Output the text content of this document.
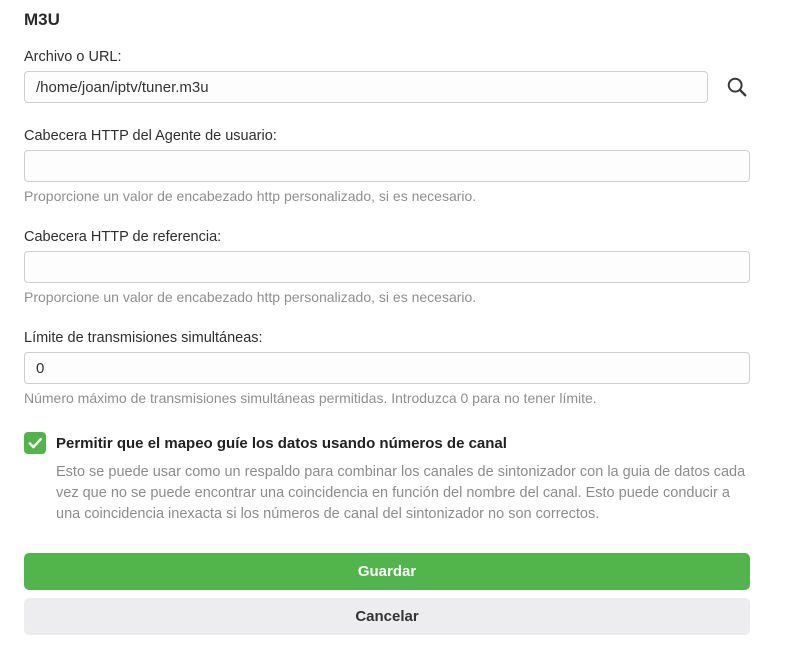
M3U
Archivo o URL:
/home/joan/iptv/tuner.m3u
Cabecera HTTP del Agente de usuario:
Proporcione un valor de encabezado http personalizado, si es necesario.
Cabecera HTTP de referencia:
Proporcione un valor de encabezado http personalizado, si es necesario.
Límite de transmisiones simultáneas:
0
Número máximo de transmisiones simultáneas permitidas. Introduzca 0 para no tener límite.
Permitir que el mapeo guíe los datos usando números de canal
Esto se puede usar como un respaldo para combinar los canales de sintonizador con la guia de datos cada vez que no se puede encontrar una coincidencia en función del nombre del canal. Esto puede conducir a una coincidencia inexacta si los números de canal del sintonizador no son correctos.
Guardar
Cancelar
